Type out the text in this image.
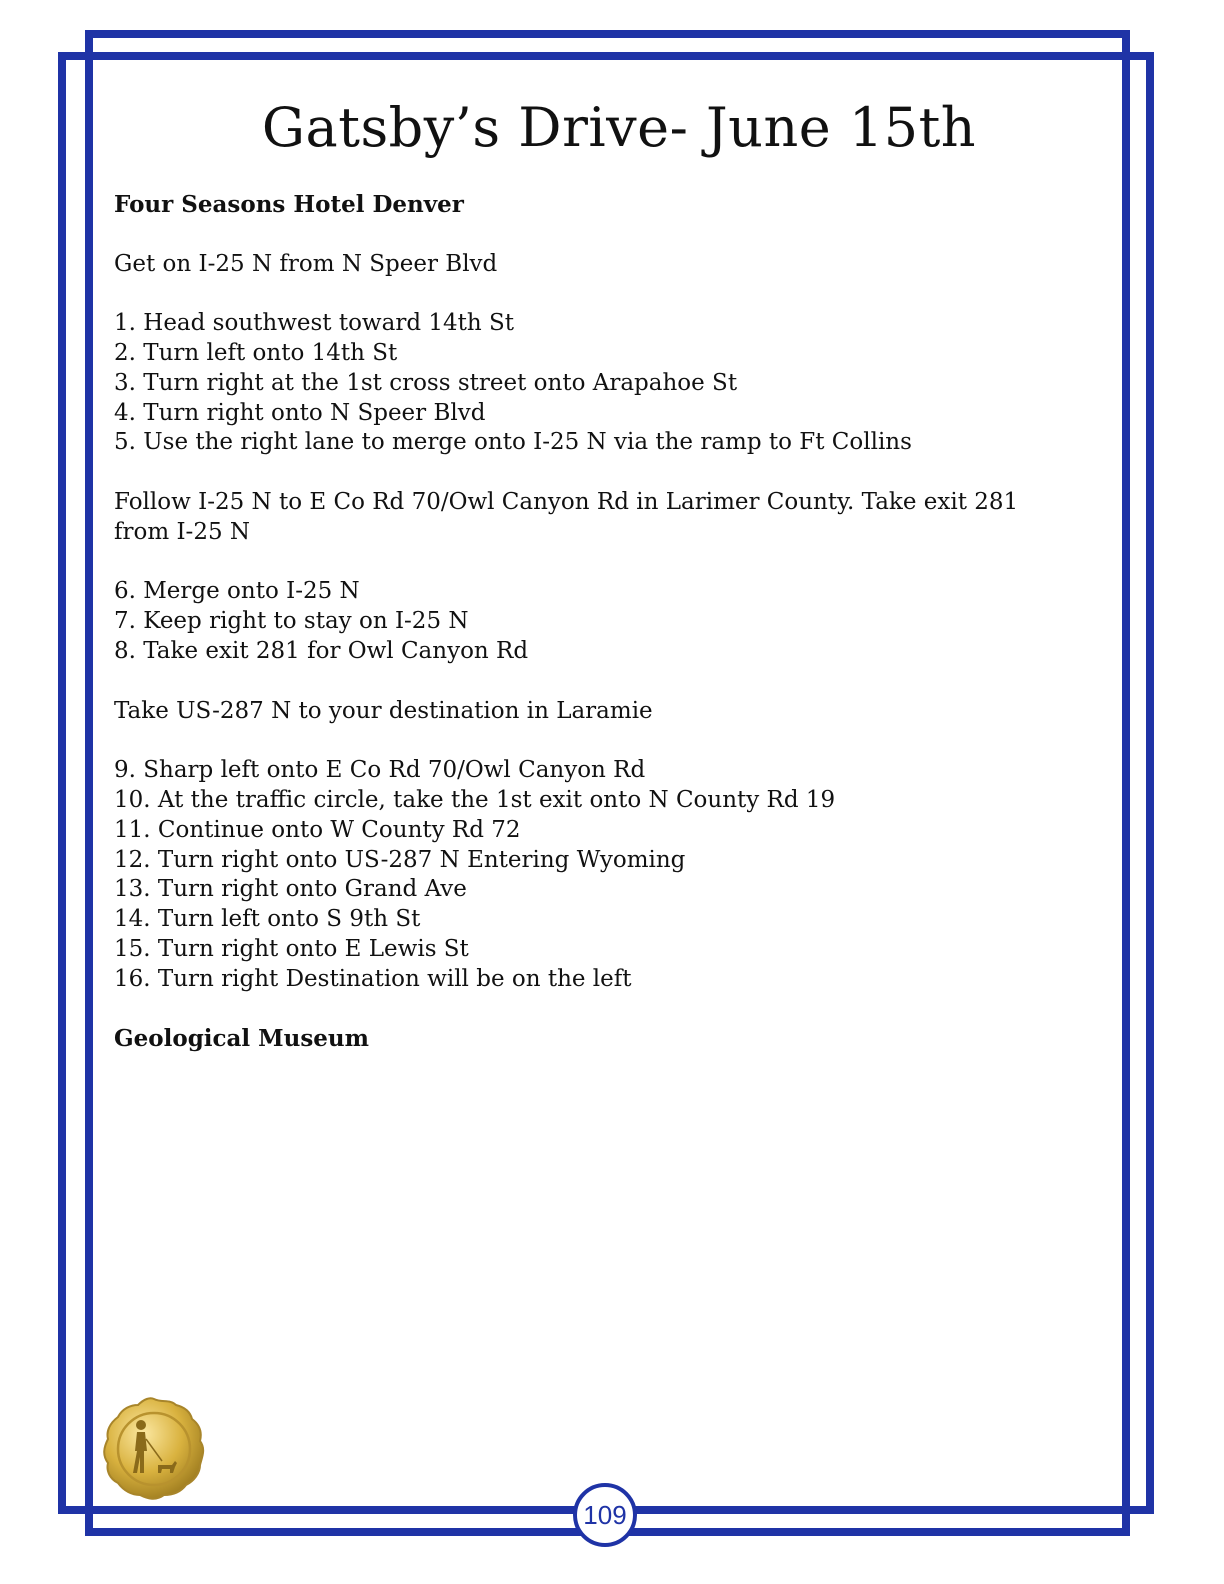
Gatsby’s Drive- June 15th
Four Seasons Hotel Denver
Get on I-25 N from N Speer Blvd
1. Head southwest toward 14th St
2. Turn left onto 14th St
3. Turn right at the 1st cross street onto Arapahoe St
4. Turn right onto N Speer Blvd
5. Use the right lane to merge onto I-25 N via the ramp to Ft Collins
Follow I-25 N to E Co Rd 70/Owl Canyon Rd in Larimer County. Take exit 281
from I-25 N
6. Merge onto I-25 N
7. Keep right to stay on I-25 N
8. Take exit 281 for Owl Canyon Rd
Take US-287 N to your destination in Laramie
9. Sharp left onto E Co Rd 70/Owl Canyon Rd
10. At the traffic circle, take the 1st exit onto N County Rd 19
11. Continue onto W County Rd 72
12. Turn right onto US-287 N Entering Wyoming
13. Turn right onto Grand Ave
14. Turn left onto S 9th St
15. Turn right onto E Lewis St
16. Turn right Destination will be on the left
Geological Museum
109
